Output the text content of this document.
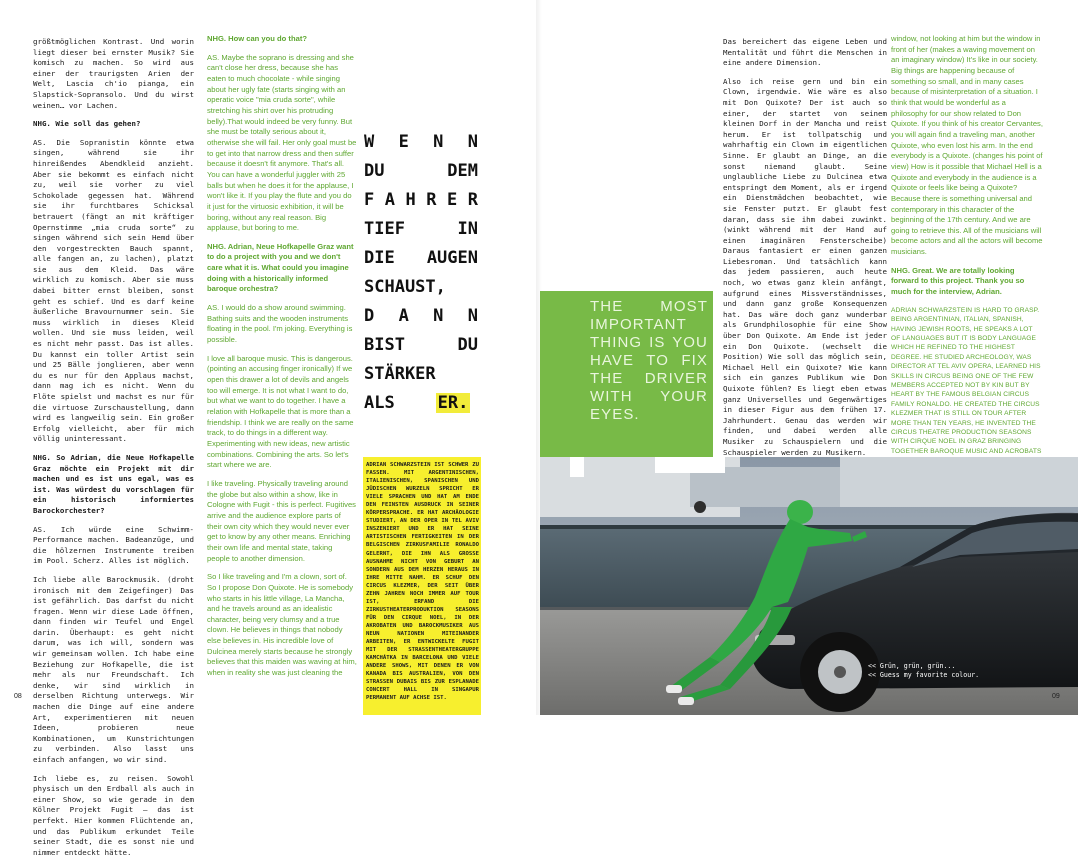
größtmöglichen Kontrast. Und worin liegt dieser bei ernster Musik? Sie komisch zu machen. So wird aus einer der traurigsten Arien der Welt, Lascia ch'io pianga, ein Slapstick-Sopransolo. Und du wirst weinen… vor Lachen.

NHG. Wie soll das gehen?

AS. Die Sopranistin könnte etwa singen, während sie ihr hinreißendes Abendkleid anzieht. Aber sie bekommt es einfach nicht zu, weil sie vorher zu viel Schokolade gegessen hat. Während sie ihr furchtbares Schicksal betrauert (fängt an mit kräftiger Opernstimme „mia cruda sorte“ zu singen während sich sein Hemd über den vorgestreckten Bauch spannt, alle fangen an, zu lachen), platzt sie aus dem Kleid. Das wäre wirklich zu komisch. Aber sie muss dabei bitter ernst bleiben, sonst geht es schief. Und es darf keine äußerliche Bravournummer sein. Sie muss wirklich in dieses Kleid wollen. Und sie muss leiden, weil es nicht mehr passt. Das ist alles. Du kannst ein toller Artist sein und 25 Bälle jonglieren, aber wenn du es nur für den Applaus machst, dann mag ich es nicht. Wenn du Flöte spielst und machst es nur für die virtuose Zurschaustellung, dann wird es langweilig sein. Ein großer Erfolg vielleicht, aber für mich völlig uninteressant.

NHG. So Adrian, die Neue Hofkapelle Graz möchte ein Projekt mit dir machen und es ist uns egal, was es ist. Was würdest du vorschlagen für ein historisch informiertes Barockorchester?

AS. Ich würde eine Schwimm-Performance machen. Badeanzüge, und die hölzernen Instrumente treiben im Pool. Scherz. Alles ist möglich.

Ich liebe alle Barockmusik. (droht ironisch mit dem Zeigefinger) Das ist gefährlich. Das darfst du nicht fragen. Wenn wir diese Lade öffnen, dann finden wir Teufel und Engel darin. Überhaupt: es geht nicht darum, was ich will, sondern was wir gemeinsam wollen. Ich habe eine Beziehung zur Hofkapelle, die ist mehr als nur Freundschaft. Ich denke, wir sind wirklich in derselben Richtung unterwegs. Wir machen die Dinge auf eine andere Art, experimentieren mit neuen Ideen, probieren neue Kombinationen, um Kunstrichtungen zu verbinden. Also lasst uns einfach anfangen, wo wir sind.

Ich liebe es, zu reisen. Sowohl physisch um den Erdball als auch in einer Show, so wie gerade in dem Kölner Projekt Fugit – das ist perfekt. Hier kommen Flüchtende an, und das Publikum erkundet Teile seiner Stadt, die es sonst nie und nimmer entdeckt hätte.

NHG. How can you do that?

AS. Maybe the soprano is dressing and she can't close her dress, because she has eaten to much chocolate - while singing about her ugly fate (starts singing with an operatic voice "mia cruda sorte", while stretching his shirt over his protruding belly).That would indeed be very funny. But she must be totally serious about it, otherwise she will fail. Her only goal must be to get into that narrow dress and then suffer because it doesn't fit anymore. That's all. You can have a wonderful juggler with 25 balls but when he does it for the applause, I won't like it. If you play the flute and you do it just for the virtuosic exhibition, it will be boring, without any real reason. Big applause, but boring to me.

NHG. Adrian, Neue Hofkapelle Graz want to do a project with you and we don't care what it is. What could you imagine doing with a historically informed baroque orchestra?

AS. I would do a show around swimming. Bathing suits and the wooden instruments floating in the pool. I'm joking. Everything is possible.

I love all baroque music. This is dangerous. (pointing an accusing finger ironically) If we open this drawer a lot of devils and angels too will emerge. It is not what I want to do, but what we want to do together. I have a relation with Hofkapelle that is more than a friendship. I think we are really on the same track, to do things in a different way. Experimenting with new ideas, new artistic combinations. Combining the arts. So let's start where we are.

I like traveling. Physically traveling around the globe but also within a show, like in Cologne with Fugit - this is perfect. Fugitives arrive and the audience explore parts of their own city which they would never ever get to know by any other means. Enriching their own life and mental state, taking people to another dimension.

So I like traveling and I'm a clown, sort of. So I propose Don Quixote. He is somebody who starts in his little village, La Mancha, and he travels around as an idealistic character, being very clumsy and a true clown. He believes in things that nobody else believes in. His incredible love of Dulcinea merely starts because he strongly believes that this maiden was waving at him, when in reality she was just cleaning the

W E N N
DU DEM
F A H R E R
TIEF IN
DIE AUGEN
SCHAUST,
D A N N
BIST DU
STÄRKER
ALS	ER.
ADRIAN SCHWARZSTEIN IST SCHWER ZU FASSEN. MIT ARGENTINISCHEN, ITALIENISCHEN, SPANISCHEN UND JÜDISCHEN WURZELN SPRICHT ER VIELE SPRACHEN UND HAT AM ENDE DEN FEINSTEN AUSDRUCK IN SEINER KÖRPERSPRACHE. ER HAT ARCHÄOLOGIE STUDIERT, AN DER OPER IN TEL AVIV INSZENIERT UND ER HAT SEINE ARTISTISCHEN FERTIGKEITEN IN DER BELGISCHEN ZIRKUSFAMILIE RONALDO GELERNT, DIE IHN ALS GROSSE AUSNAHME NICHT VON GEBURT AN SONDERN AUS DEM HERZEN HERAUS IN IHRE MITTE NAHM. ER SCHUF DEN CIRCUS KLEZMER, DER SEIT ÜBER ZEHN JAHREN NOCH IMMER AUF TOUR IST, ERFAND DIE ZIRKUSTHEATERPRODUKTION SEASONS FÜR DEN CIRQUE NOEL, IN DER AKROBATEN UND BAROCKMUSIKER AUS NEUN NATIONEN MITEINANDER ARBEITEN, ER ENTWICKELTE FUGIT MIT DER STRASSENTHEATERGRUPPE KAMCHÁTKA IN BARCELONA UND VIELE ANDERE SHOWS, MIT DENEN ER VON KANADA BIS AUSTRALIEN, VON DEN STRASSEN DUBAIS BIS ZUR ESPLANADE CONCERT HALL IN SINGAPUR PERMANENT AUF ACHSE IST.
THE MOST IMPORTANT THING IS YOU HAVE TO FIX THE DRIVER WITH YOUR EYES.

Das bereichert das eigene Leben und Mentalität und führt die Menschen in eine andere Dimension.

Also ich reise gern und bin ein Clown, irgendwie. Wie wäre es also mit Don Quixote? Der ist auch so einer, der startet von seinem kleinen Dorf in der Mancha und reist herum. Er ist tollpatschig und wahrhaftig ein Clown im eigentlichen Sinne. Er glaubt an Dinge, an die sonst niemand glaubt. Seine unglaubliche Liebe zu Dulcinea etwa entspringt dem Moment, als er irgend ein Dienstmädchen beobachtet, wie sie Fenster putzt. Er glaubt fest daran, dass sie ihm dabei zuwinkt. (winkt während mit der Hand auf einen imaginären Fensterscheibe) Daraus fantasiert er einen ganzen Liebesroman. Und tatsächlich kann das jedem passieren, auch heute noch, wo etwas ganz klein anfängt, aufgrund eines Missverständnisses, und dann ganz große Konsequenzen hat. Das wäre doch ganz wunderbar als Grundphilosophie für eine Show über Don Quixote. Am Ende ist jeder ein Don Quixote. (wechselt die Position) Wie soll das möglich sein, Michael Hell ein Quixote? Wie kann sich ein ganzes Publikum wie Don Quixote fühlen? Es liegt eben etwas ganz Universelles und Gegenwärtiges in dieser Figur aus dem frühen 17. Jahrhundert. Genau das werden wir finden, und dabei werden alle Musiker zu Schauspielern und die Schauspieler werden zu Musikern.

window, not looking at him but the window in front of her (makes a waving movement on an imaginary window) It's like in our society. Big things are happening because of something so small, and in many cases because of misinterpretation of a situation. I think that would be wonderful as a philosophy for our show related to Don Quixote. If you think of his creator Cervantes, you will again find a traveling man, another Quixote, who even lost his arm. In the end everybody is a Quixote. (changes his point of view) How is it possible that Michael Hell is a Quixote and everybody in the audience is a Quixote or feels like being a Quixote? Because there is something universal and contemporary in this character of the beginning of the 17th century. And we are going to retrieve this. All of the musicians will become actors and all the actors will become musicians.

NHG. Great. We are totally looking forward to this project. Thank you so much for the interview, Adrian.

ADRIAN SCHWARZSTEIN IS HARD TO GRASP. BEING ARGENTINIAN, ITALIAN, SPANISH, HAVING JEWISH ROOTS, HE SPEAKS A LOT OF LANGUAGES BUT IT IS BODY LANGUAGE WHICH HE REFINED TO THE HIGHEST DEGREE. HE STUDIED ARCHEOLOGY, WAS DIRECTOR AT TEL AVIV OPERA, LEARNED HIS SKILLS IN CIRCUS BEING ONE OF THE FEW MEMBERS ACCEPTED NOT BY KIN BUT BY HEART BY THE FAMOUS BELGIAN CIRCUS FAMILY RONALDO. HE CREATED THE CIRCUS KLEZMER THAT IS STILL ON TOUR AFTER MORE THAN TEN YEARS, HE INVENTED THE CIRCUS THEATRE PRODUCTION SEASONS WITH CIRQUE NOEL IN GRAZ BRINGING TOGETHER BAROQUE MUSIC AND ACROBATS

<< Grün, grün, grün...
<< Guess my favorite colour.
08	09
